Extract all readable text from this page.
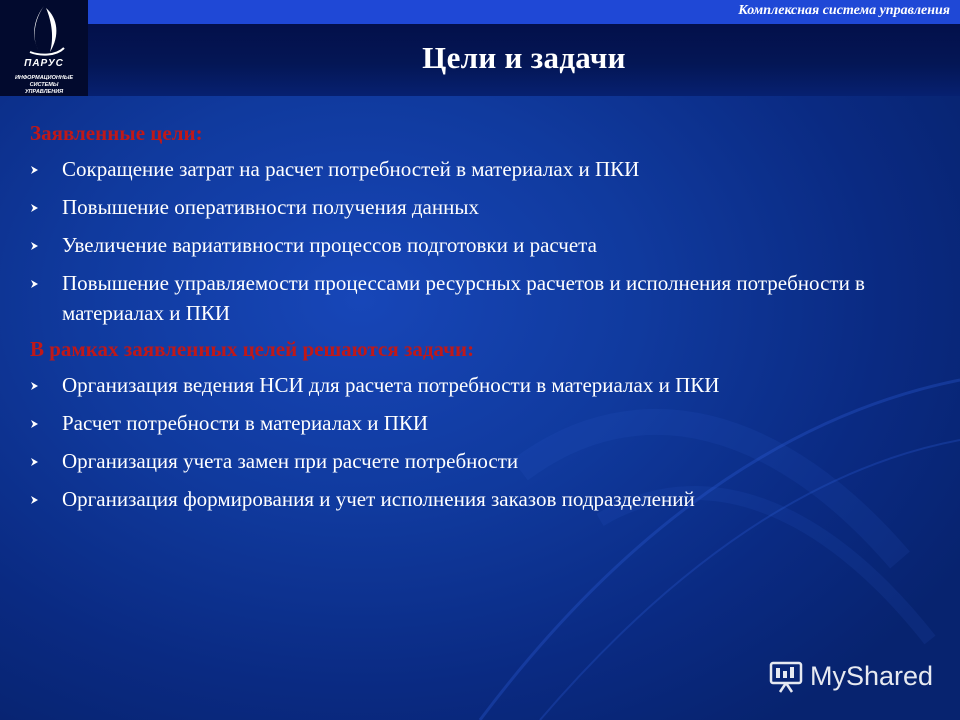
Комплексная система управления
Цели и задачи
ПАРУС
ИНФОРМАЦИОННЫЕ СИСТЕМЫ
УПРАВЛЕНИЯ
Заявленные цели:
Сокращение затрат на расчет потребностей в материалах и ПКИ
Повышение оперативности получения данных
Увеличение вариативности процессов подготовки и расчета
Повышение управляемости процессами ресурсных расчетов и исполнения потребности в материалах и ПКИ
В рамках заявленных целей решаются задачи:
Организация ведения НСИ для расчета потребности в материалах и ПКИ
Расчет потребности в материалах и ПКИ
Организация учета замен при расчете потребности
Организация формирования и учет исполнения заказов подразделений
MyShared
